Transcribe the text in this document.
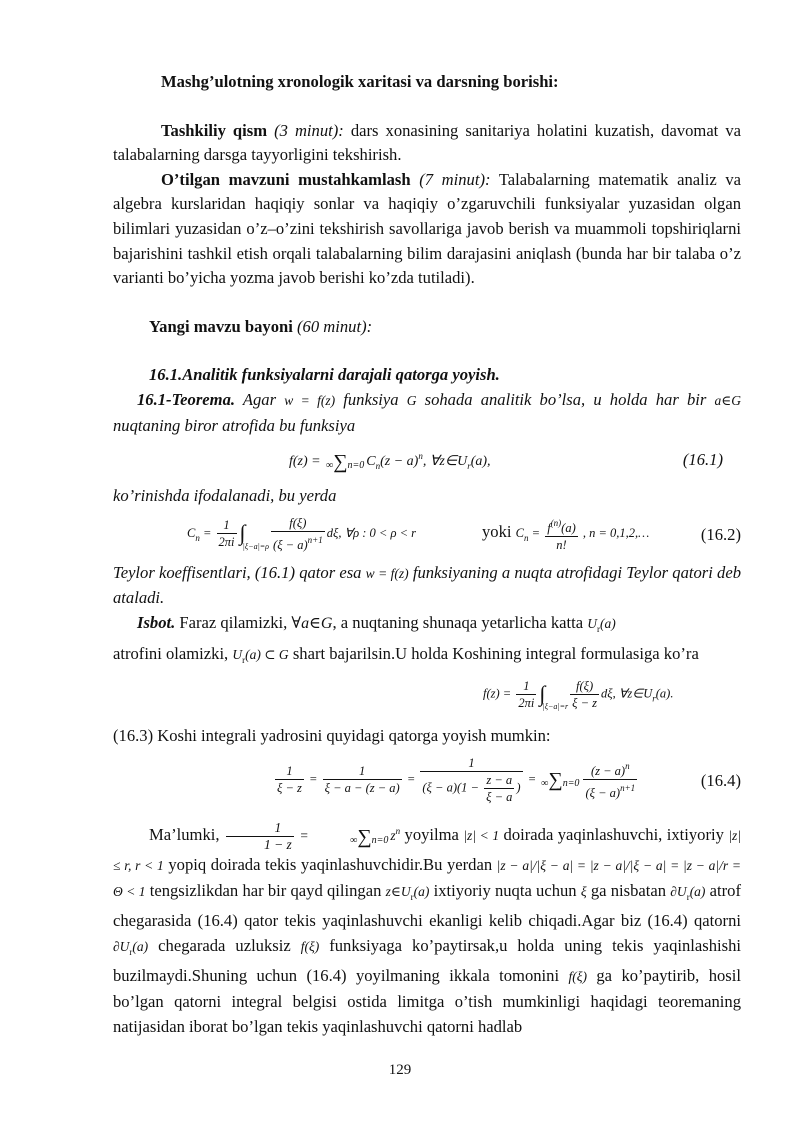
Mashg’ulotning xronologik xaritasi va darsning borishi:

Tashkiliy qism (3 minut): dars xonasining sanitariya holatini kuzatish, davomat va talabalarning darsga tayyorligini tekshirish.

O’tilgan mavzuni mustahkamlash (7 minut): Talabalarning matematik analiz va algebra kurslaridan haqiqiy sonlar va haqiqiy o’zgaruvchili funksiyalar yuzasidan olgan bilimlari yuzasidan o’z–o’zini tekshirish savollariga javob berish va muammoli topshiriqlarni bajarishini tashkil etish orqali talabalarning bilim darajasini aniqlash (bunda har bir talaba o’z varianti bo’yicha yozma javob berishi ko’zda tutiladi).

Yangi mavzu bayoni (60 minut):

16.1.Analitik funksiyalarni darajali qatorga yoyish.

16.1-Teorema. Agar w = f(z) funksiya G sohada analitik bo’lsa, u holda har bir a∈G nuqtaning biror atrofida bu funksiya

f(z) = ∞∑n=0 $C_n(z - a)^n$, $\forall z\in U_r(a)$,	(16.1)

ko’rinishda ifodalanadi, bu yerda

$C_n = \frac{1}{2\pi i} \int_{|\xi-a|=\rho} \frac{f(\xi)}{(\xi - a)^{n+1}} d\xi$, ∀ρ : 0 < ρ < r	yoki $C_n = \frac{f^{(n)}(a)}{n!}$ , n = 0,1,2,…	(16.2)

Teylor koeffisentlari, (16.1) qator esa w = f(z) funksiyaning a nuqta atrofidagi Teylor qatori deb ataladi.

Isbot. Faraz qilamizki, ∀a∈G, a nuqtaning shunaqa yetarlicha katta $U_r(a)$
atrofini olamizki, $U_r(a)$ ⊂ G shart bajarilsin.U holda Koshining integral formulasiga ko’ra

$f(z) = \frac{1}{2\pi i} \int_{|\xi-a|=r} \frac{f(\xi)}{\xi - z} d\xi$, $\forall z\in U_r(a)$.

(16.3) Koshi integrali yadrosini quyidagi qatorga yoyish mumkin:

$\frac{1}{\xi - z} = \frac{1}{\xi - a - (z - a)} = \frac{1}{(\xi - a)(1 - \frac{z - a}{\xi - a} )} = \infty\sum n=0 \frac{(z - a)^n}{(\xi - a)^{n+1}}$	(16.4)

Ma’lumki, $\frac{1}{1 - z}$ =	∞∑n=0 $z^n$ yoyilma |z| < 1 doirada yaqinlashuvchi, ixtiyoriy |z| ≤ r, r < 1 yopiq doirada tekis yaqinlashuvchidir.Bu yerdan |z − a|/|ξ − a| = |z − a|/|ξ − a| = |z − a|/r = Θ < 1 tengsizlikdan har bir qayd qilingan $z\in U_r(a)$ ixtiyoriy nuqta uchun ξ ga nisbatan $\partial U_r(a)$ atrof chegarasida (16.4) qator tekis yaqinlashuvchi ekanligi kelib chiqadi.Agar biz (16.4) qatorni $\partial U_r(a)$ chegarada uzluksiz f(ξ) funksiyaga ko’paytirsak,u holda uning tekis yaqinlashishi buzilmaydi.Shuning uchun (16.4) yoyilmaning ikkala tomonini f(ξ) ga ko’paytirib, hosil bo’lgan qatorni integral belgisi ostida limitga o’tish mumkinligi haqidagi teoremaning natijasidan iborat bo’lgan tekis yaqinlashuvchi qatorni hadlab

129
